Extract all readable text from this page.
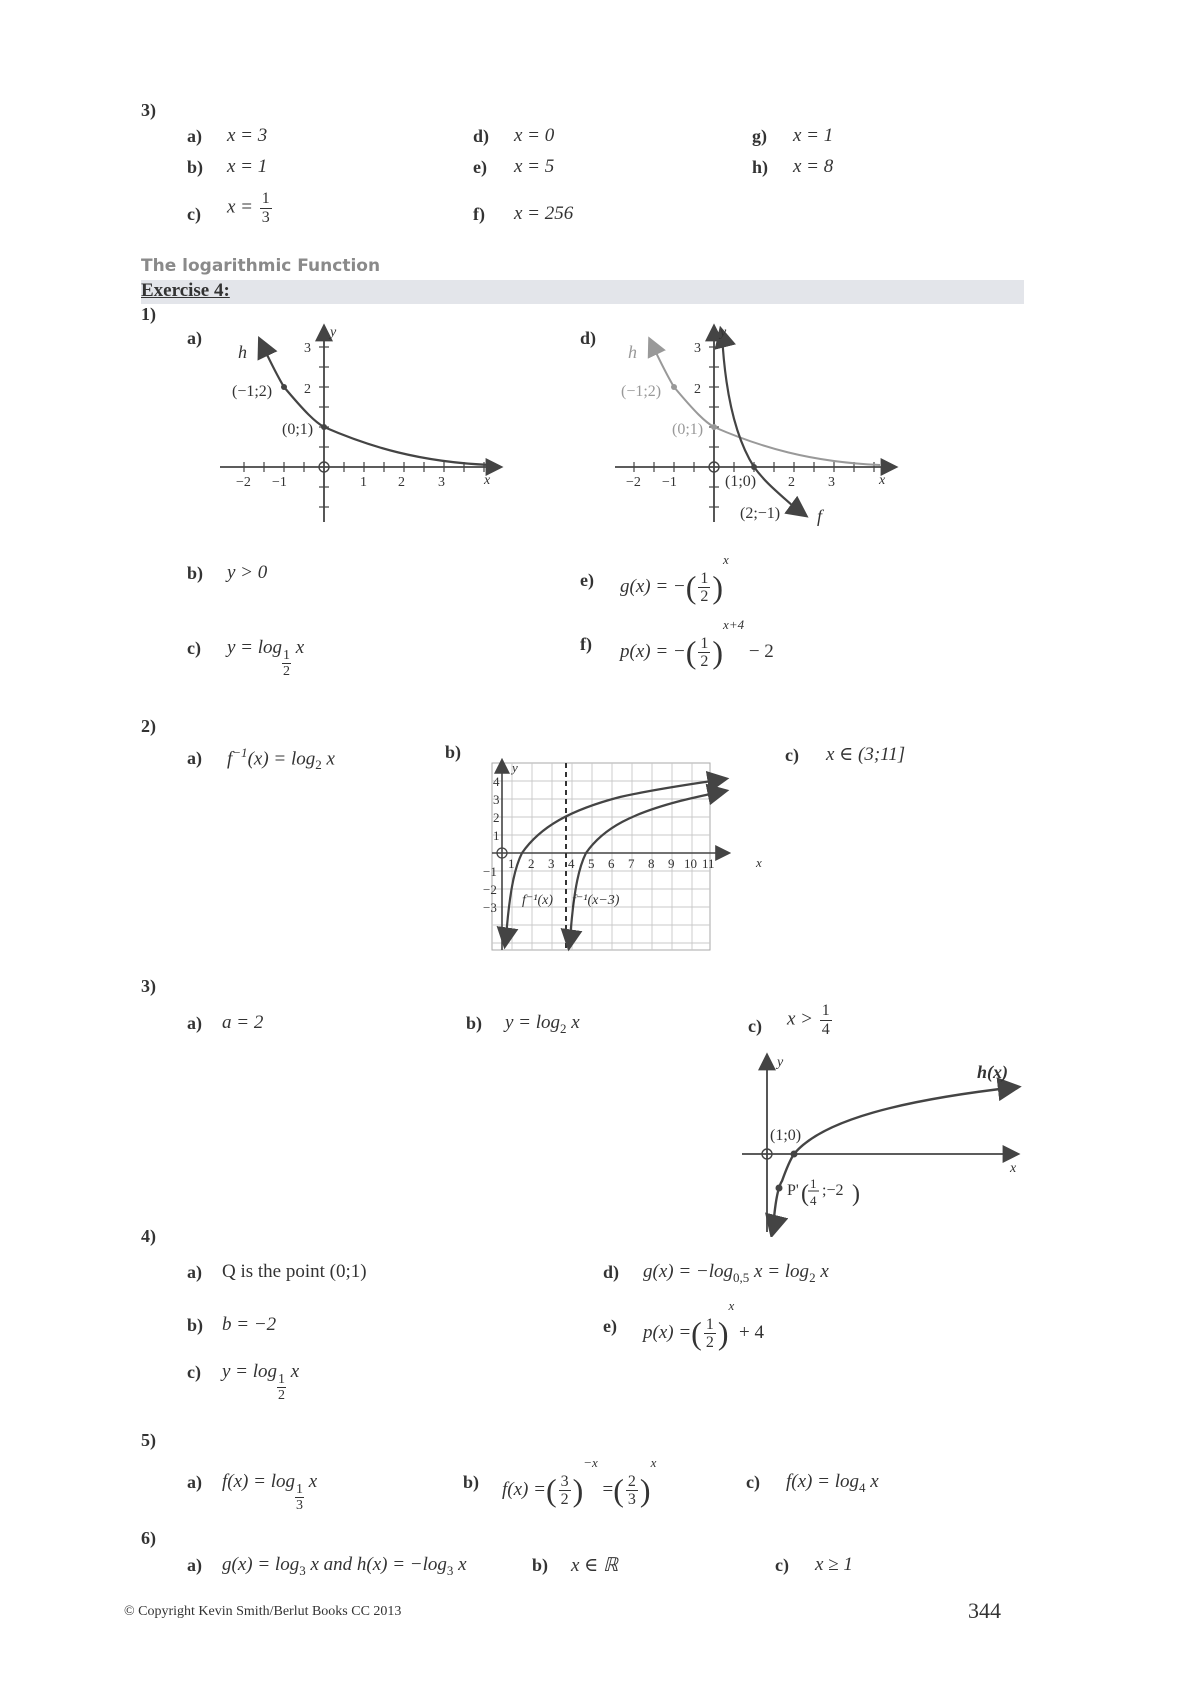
3)
a) x = 3
b) x = 1
c) $x = \frac{1}{3}$
d) x = 0
e) x = 5
f) x = 256
g) x = 1
h) x = 8
The logarithmic Function
Exercise 4:
1)
a)	d)
h
y
x
(−1;2)
(0;1)
−2 −1	1 2 3
2
3	h
f
y
x
(−1;2)
(0;1)
(1;0)
(2;−1)
−2 −1	2 3
2
3
b) y > 0
c) y = log
$\frac{1}{2}$
x
e) g(x) = −( $\frac{1}{2} )^x$
f) p(x) = −( $\frac{1}{2} )^{x+4} - 2$
2)
a) $f^{-1}(x) = \log_2 x$	b)
y
x
4
3
2
1
−1
−2
−3
1 2 3 4 5 6 7 8 9 10 11
f⁻¹(x) f⁻¹(x−3)
c) x ∈ (3;11]
3)
a) a = 2	b) $y = \log_2 x$	c) $x > \frac{1}{4}$
y
x
h(x)
(1;0)
P' ( 1
4
;−2 )
4)
a) Q is the point (0;1)
b) b = −2
c) y = log
$\frac{1}{2}$
x
d) $g(x) = -\log_{0,5}$ $x = \log_2 x$
e) p(x) =( $\frac{1}{2} )^x + 4$
5)
a) f(x) = log
$\frac{1}{3}$
x	b) f(x) =( $\frac{3}{2} )^{-x}$ =( $\frac{2}{3} )^x$
c) $f(x) = \log_4 x$
6)
a) $g(x) = \log_3 x$ and $h(x) = -\log_3$ x	b) x ∈ ℝ	c) x ≥ 1
© Copyright Kevin Smith/Berlut Books CC 2013	344
